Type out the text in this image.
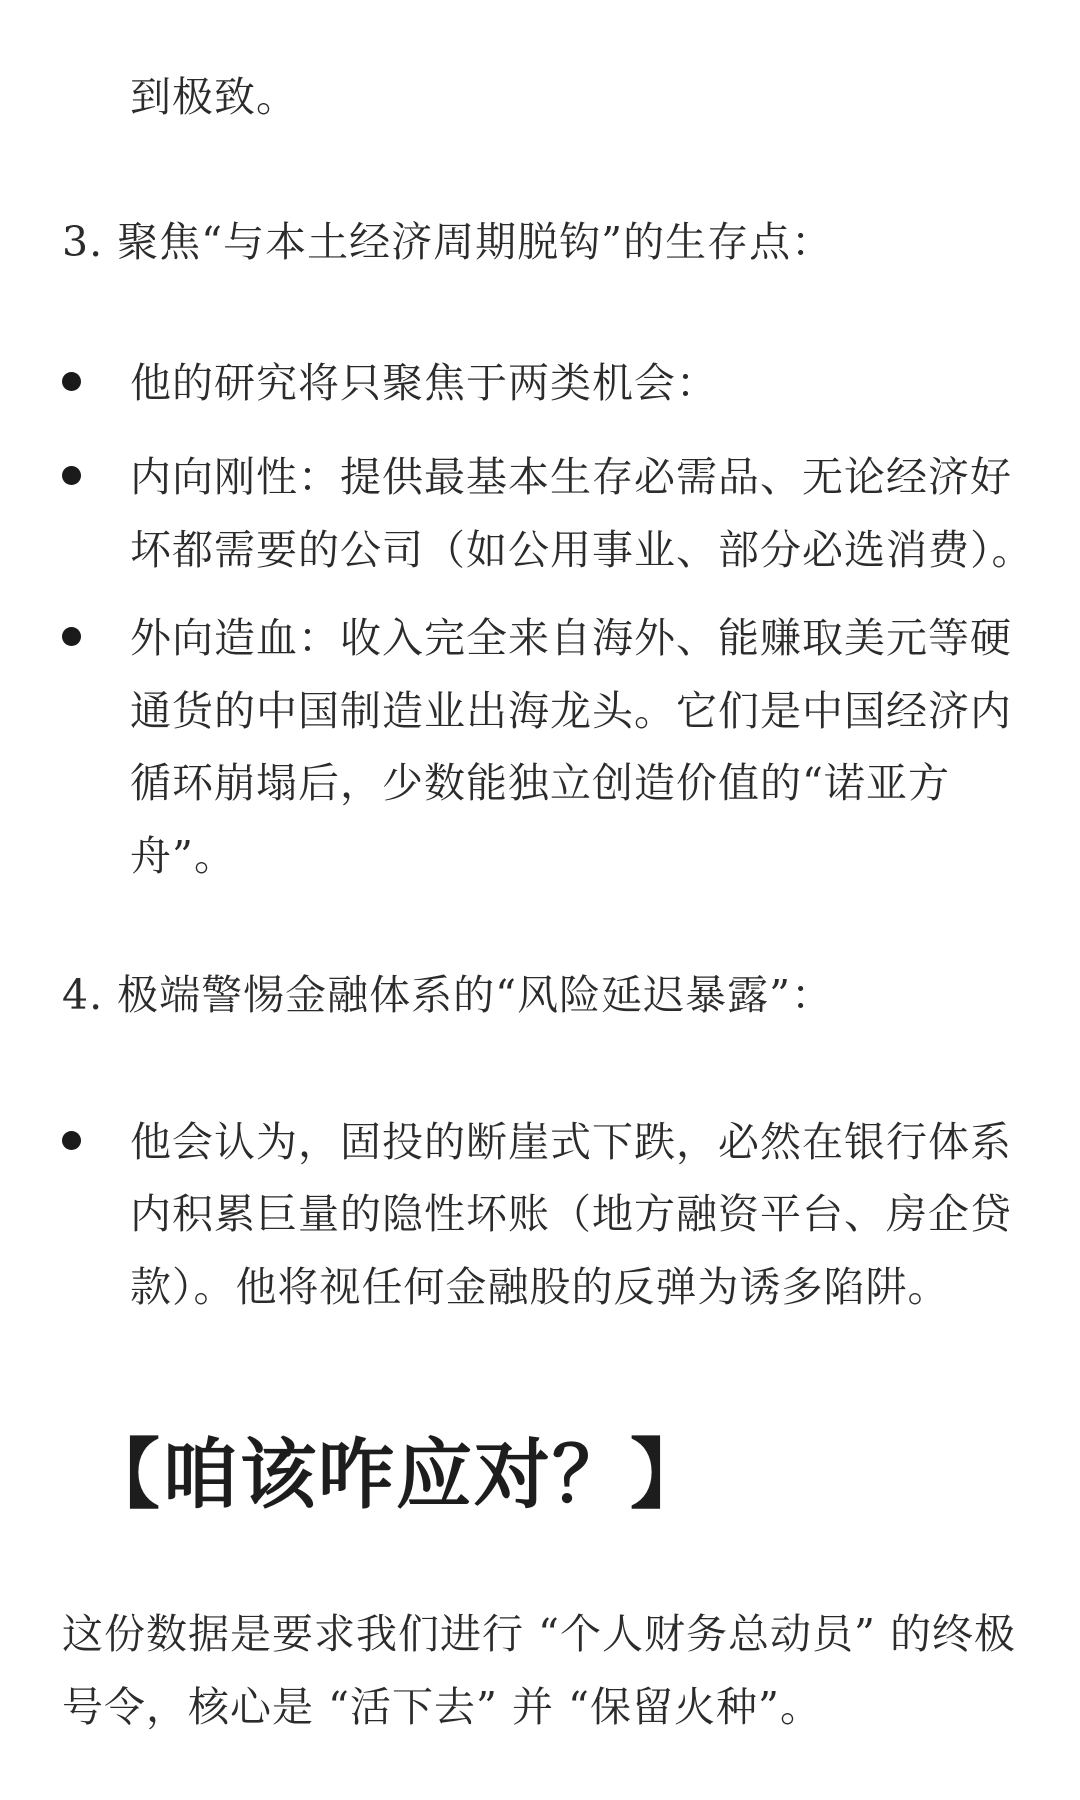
到极致。
3. 聚焦“与本土经济周期脱钩”的生存点：
他的研究将只聚焦于两类机会：
内向刚性：提供最基本生存必需品、无论经济好
坏都需要的公司（如公用事业、部分必选消费）。
外向造血：收入完全来自海外、能赚取美元等硬
通货的中国制造业出海龙头。它们是中国经济内
循环崩塌后，少数能独立创造价值的“诺亚方
舟”。
4. 极端警惕金融体系的“风险延迟暴露”：
他会认为，固投的断崖式下跌，必然在银行体系
内积累巨量的隐性坏账（地方融资平台、房企贷
款）。他将视任何金融股的反弹为诱多陷阱。
【咱该咋应对？】
这份数据是要求我们进行 “个人财务总动员” 的终极
号令，核心是 “活下去” 并 “保留火种”。
